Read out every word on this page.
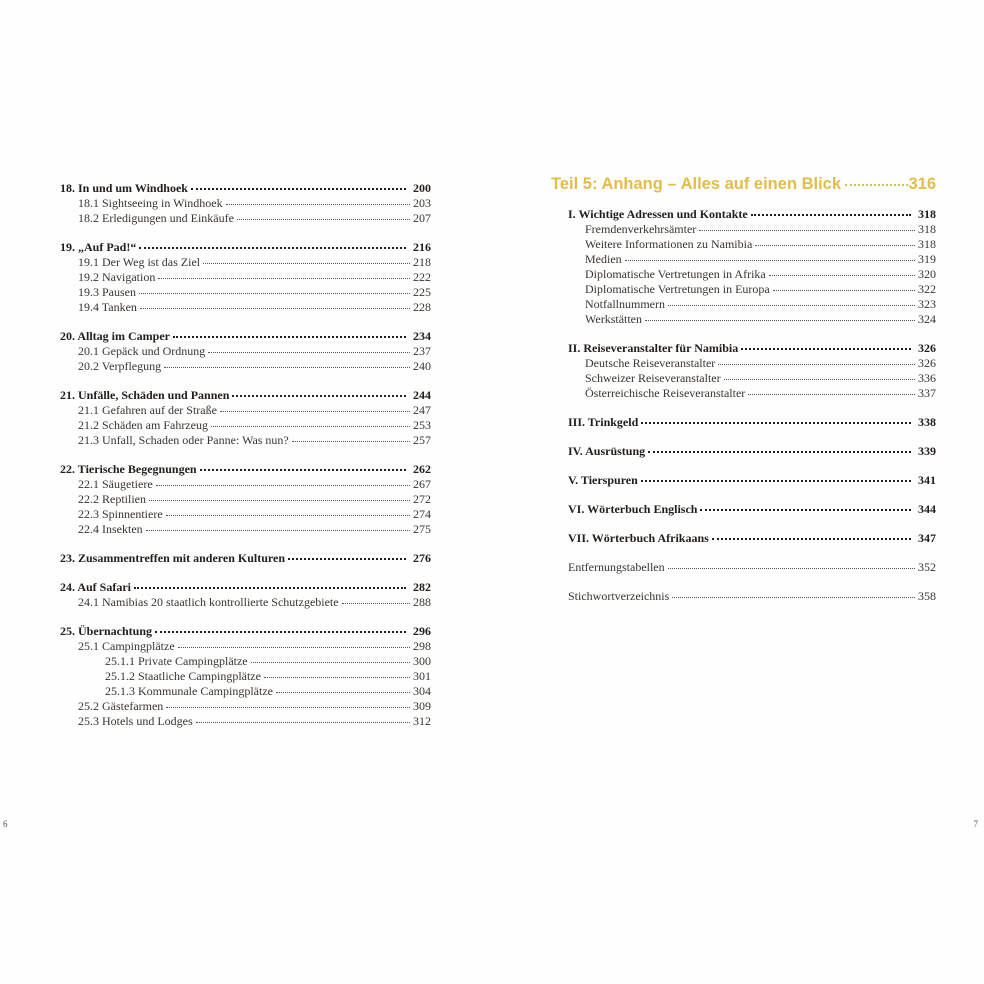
18. In und um Windhoek	200
18.1 Sightseeing in Windhoek	203
18.2 Erledigungen und Einkäufe	207
19. „Auf Pad!“	216
19.1 Der Weg ist das Ziel	218
19.2 Navigation	222
19.3 Pausen	225
19.4 Tanken	228
20. Alltag im Camper	234
20.1 Gepäck und Ordnung	237
20.2 Verpflegung	240
21. Unfälle, Schäden und Pannen	244
21.1 Gefahren auf der Straße	247
21.2 Schäden am Fahrzeug	253
21.3 Unfall, Schaden oder Panne: Was nun?	257
22. Tierische Begegnungen	262
22.1 Säugetiere	267
22.2 Reptilien	272
22.3 Spinnentiere	274
22.4 Insekten	275
23. Zusammentreffen mit anderen Kulturen	276
24. Auf Safari	282
24.1 Namibias 20 staatlich kontrollierte Schutzgebiete	288
25. Übernachtung	296
25.1 Campingplätze	298
25.1.1 Private Campingplätze	300
25.1.2 Staatliche Campingplätze	301
25.1.3 Kommunale Campingplätze	304
25.2 Gästefarmen	309
25.3 Hotels und Lodges	312
Teil 5: Anhang – Alles auf einen Blick	316
I. Wichtige Adressen und Kontakte	318
Fremdenverkehrsämter	318
Weitere Informationen zu Namibia	318
Medien	319
Diplomatische Vertretungen in Afrika	320
Diplomatische Vertretungen in Europa	322
Notfallnummern	323
Werkstätten	324
II. Reiseveranstalter für Namibia	326
Deutsche Reiseveranstalter	326
Schweizer Reiseveranstalter	336
Österreichische Reiseveranstalter	337
III. Trinkgeld	338
IV. Ausrüstung	339
V. Tierspuren	341
VI. Wörterbuch Englisch	344
VII. Wörterbuch Afrikaans	347
Entfernungstabellen	352
Stichwortverzeichnis	358
6	7
